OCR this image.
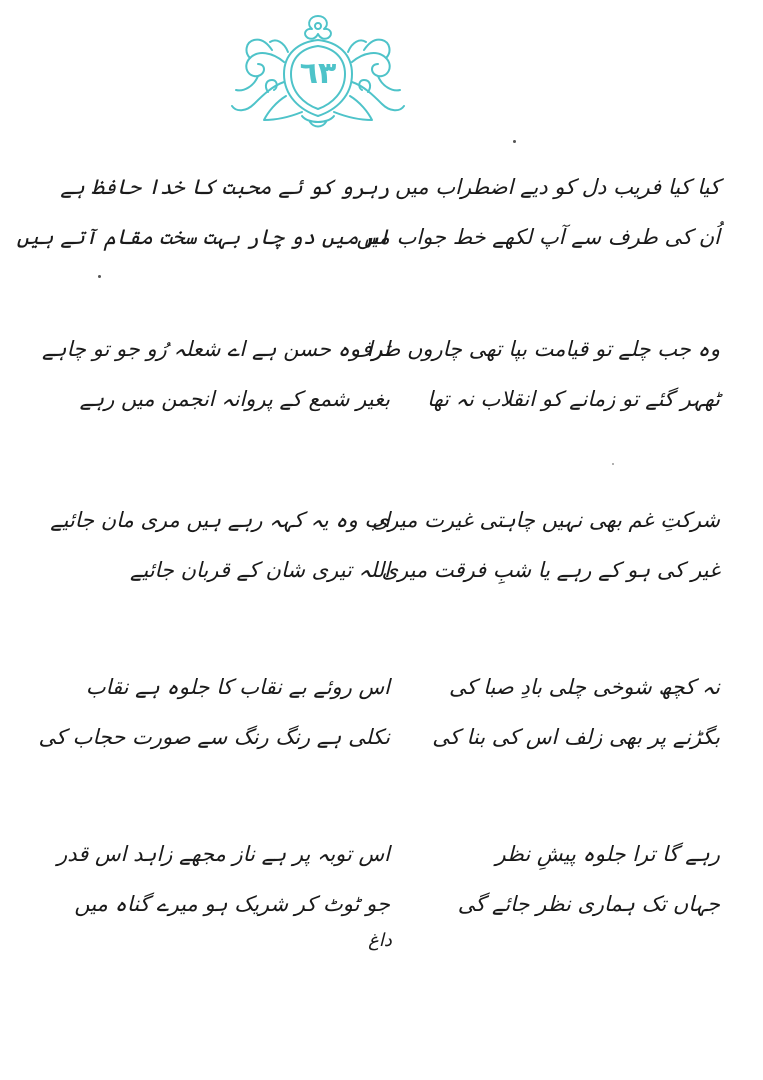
٦٣
کیا کیا فریب دل کو دیے اضطراب میں
اُن کی طرف سے آپ لکھے خط جواب میں
رہرو کو ئے محبت کا خدا حافظ ہے
اس میں دو چار بہت سخت مقام آتے ہیں
وہ جب چلے تو قیامت بپا تھی چاروں طرف
ٹھہر گئے تو زمانے کو انقلاب نہ تھا
ترا وہ حسن ہے اے شعلہ رُو جو تو چاہے
بغیر شمع کے پروانہ انجمن میں رہے
شرکتِ غم بھی نہیں چاہتی غیرت میری
غیر کی ہو کے رہے یا شبِ فرقت میری
اب وہ یہ کہہ رہے ہیں مری مان جائیے
اللہ تیری شان کے قربان جائیے
نہ کچھ شوخی چلی بادِ صبا کی
بگڑنے پر بھی زلف اس کی بنا کی
اس روئے بے نقاب کا جلوہ ہے نقاب
نکلی ہے رنگ رنگ سے صورت حجاب کی
رہے گا ترا جلوہ پیشِ نظر
جہاں تک ہماری نظر جائے گی
اس توبہ پر ہے ناز مجھے زاہد اس قدر
جو ٹوٹ کر شریک ہو میرے گناہ میں
داغ
